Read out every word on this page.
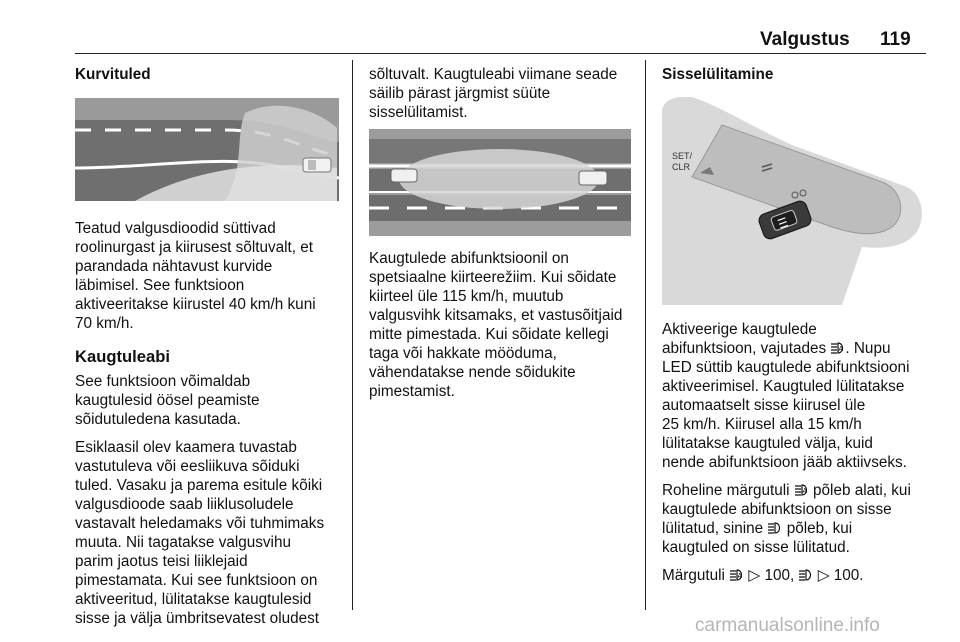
Valgustus 119
Kurvituled

Teatud valgusdioodid süttivad
roolinurgast ja kiirusest sõltuvalt, et
parandada nähtavust kurvide
läbimisel. See funktsioon
aktiveeritakse kiirustel 40 km/h kuni
70 km/h.

Kaugtuleabi

See funktsioon võimaldab
kaugtulesid öösel peamiste
sõidutuledena kasutada.

Esiklaasil olev kaamera tuvastab
vastutuleva või eesliikuva sõiduki
tuled. Vasaku ja parema esitule kõiki
valgusdioode saab liiklusoludele
vastavalt heledamaks või tuhmimaks
muuta. Nii tagatakse valgusvihu
parim jaotus teisi liiklejaid
pimestamata. Kui see funktsioon on
aktiveeritud, lülitatakse kaugtulesid
sisse ja välja ümbritsevatest oludest

sõltuvalt. Kaugtuleabi viimane seade
säilib pärast järgmist süüte
sisselülitamist.

Kaugtulede abifunktsioonil on
spetsiaalne kiirteerežiim. Kui sõidate
kiirteel üle 115 km/h, muutub
valgusvihk kitsamaks, et vastusõitjaid
mitte pimestada. Kui sõidate kellegi
taga või hakkate mööduma,
vähendatakse nende sõidukite
pimestamist.

Sisselülitamine
SET/
CLR

Aktiveerige kaugtulede
abifunktsioon, vajutades A . Nupu
LED süttib kaugtulede abifunktsiooni
aktiveerimisel. Kaugtuled lülitatakse
automaatselt sisse kiirusel üle
25 km/h. Kiirusel alla 15 km/h
lülitatakse kaugtuled välja, kuid
nende abifunktsioon jääb aktiivseks.

Roheline märgutuli A põleb alati, kui
kaugtulede abifunktsioon on sisse
lülitatud, sinine põleb, kui
kaugtuled on sisse lülitatud.

Märgutuli A ▷ 100, ▷ 100.

carmanualsonline.info
